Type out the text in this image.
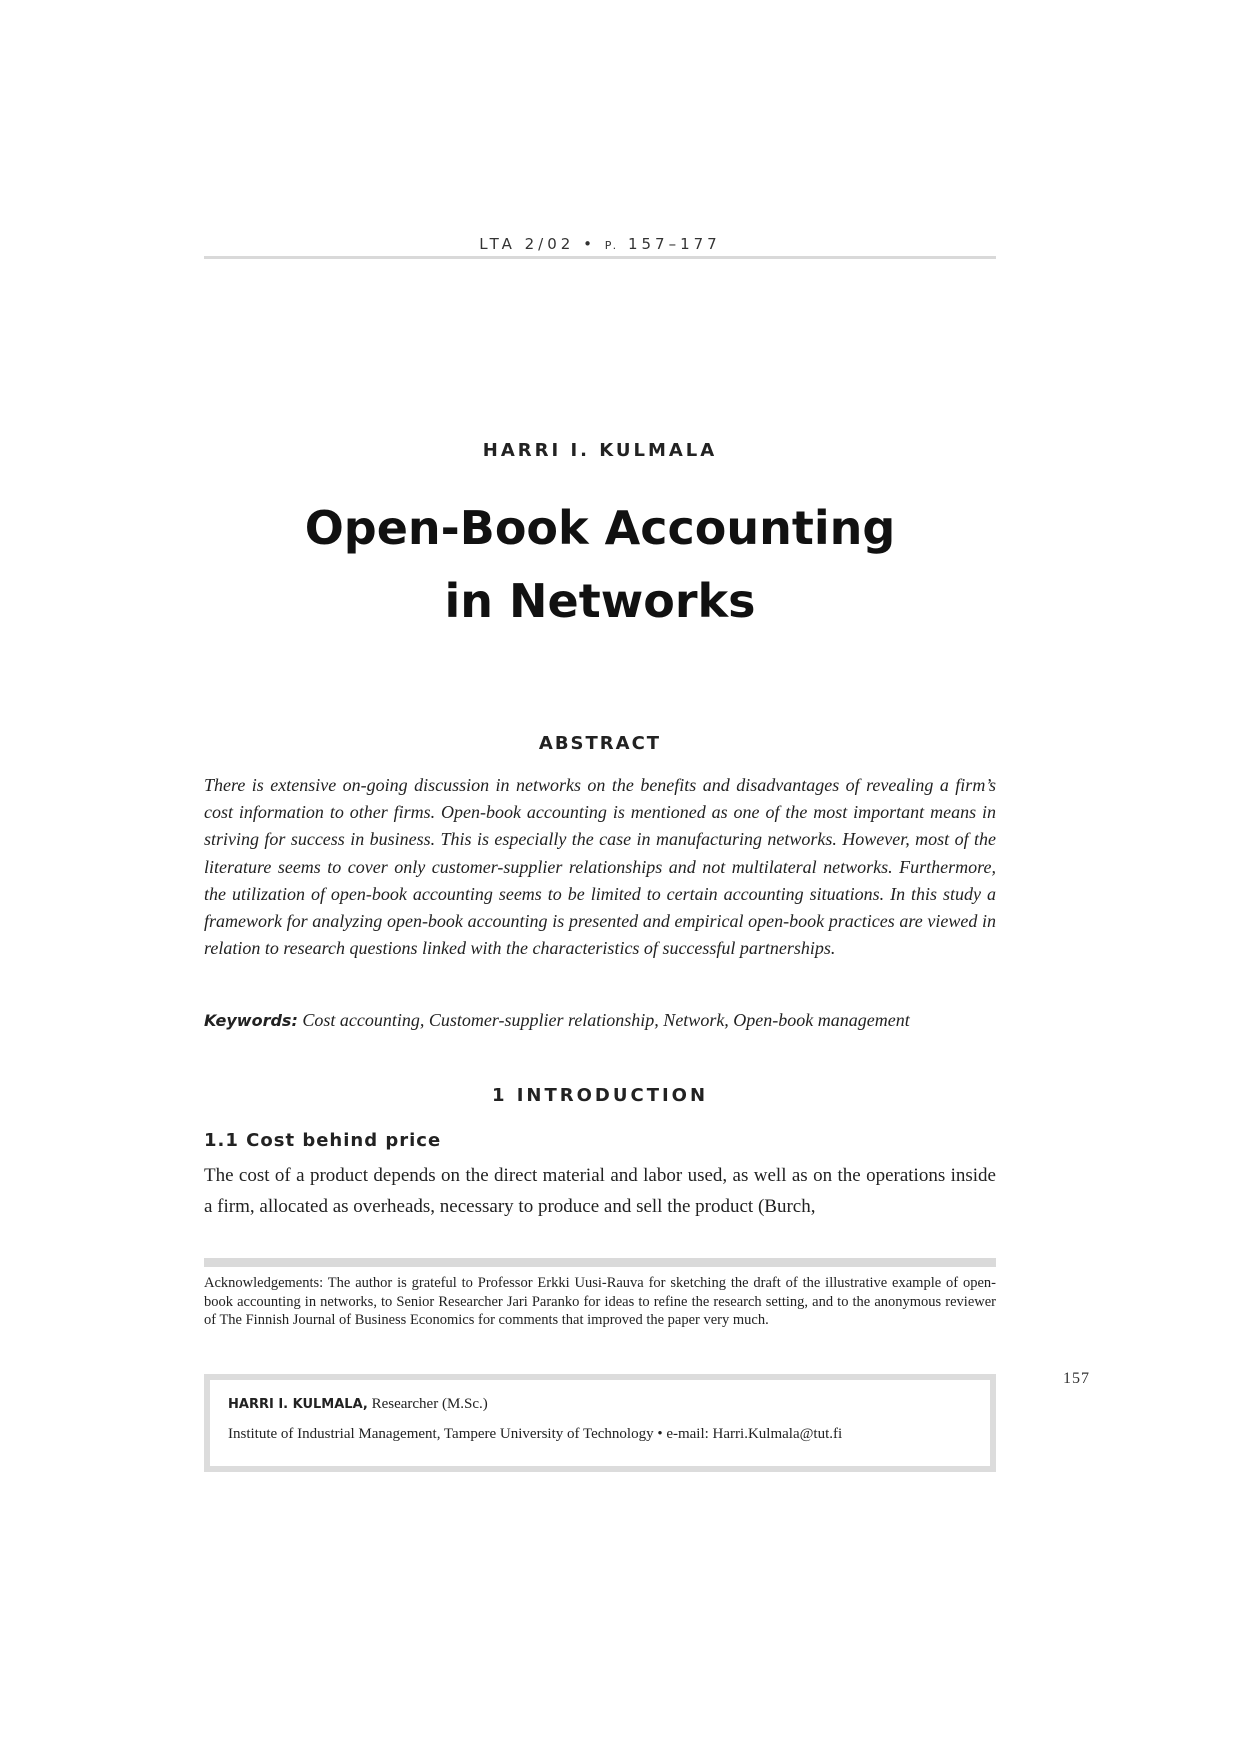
LTA 2/02 • P. 157–177
HARRI I. KULMALA
Open-Book Accounting
in Networks
ABSTRACT
There is extensive on-going discussion in networks on the benefits and disadvantages of revealing a firm’s cost information to other firms. Open-book accounting is mentioned as one of the most important means in striving for success in business. This is especially the case in manufacturing networks. However, most of the literature seems to cover only customer-supplier relationships and not multilateral networks. Furthermore, the utilization of open-book accounting seems to be limited to certain accounting situations. In this study a framework for analyzing open-book accounting is presented and empirical open-book practices are viewed in relation to research questions linked with the characteristics of successful partnerships.
Keywords: Cost accounting, Customer-supplier relationship, Network, Open-book management
1 INTRODUCTION
1.1 Cost behind price
The cost of a product depends on the direct material and labor used, as well as on the operations inside a firm, allocated as overheads, necessary to produce and sell the product (Burch,
Acknowledgements: The author is grateful to Professor Erkki Uusi-Rauva for sketching the draft of the illustrative example of open-book accounting in networks, to Senior Researcher Jari Paranko for ideas to refine the research setting, and to the anonymous reviewer of The Finnish Journal of Business Economics for comments that improved the paper very much.
157
HARRI I. KULMALA, Researcher (M.Sc.)
Institute of Industrial Management, Tampere University of Technology • e-mail: Harri.Kulmala@tut.fi
